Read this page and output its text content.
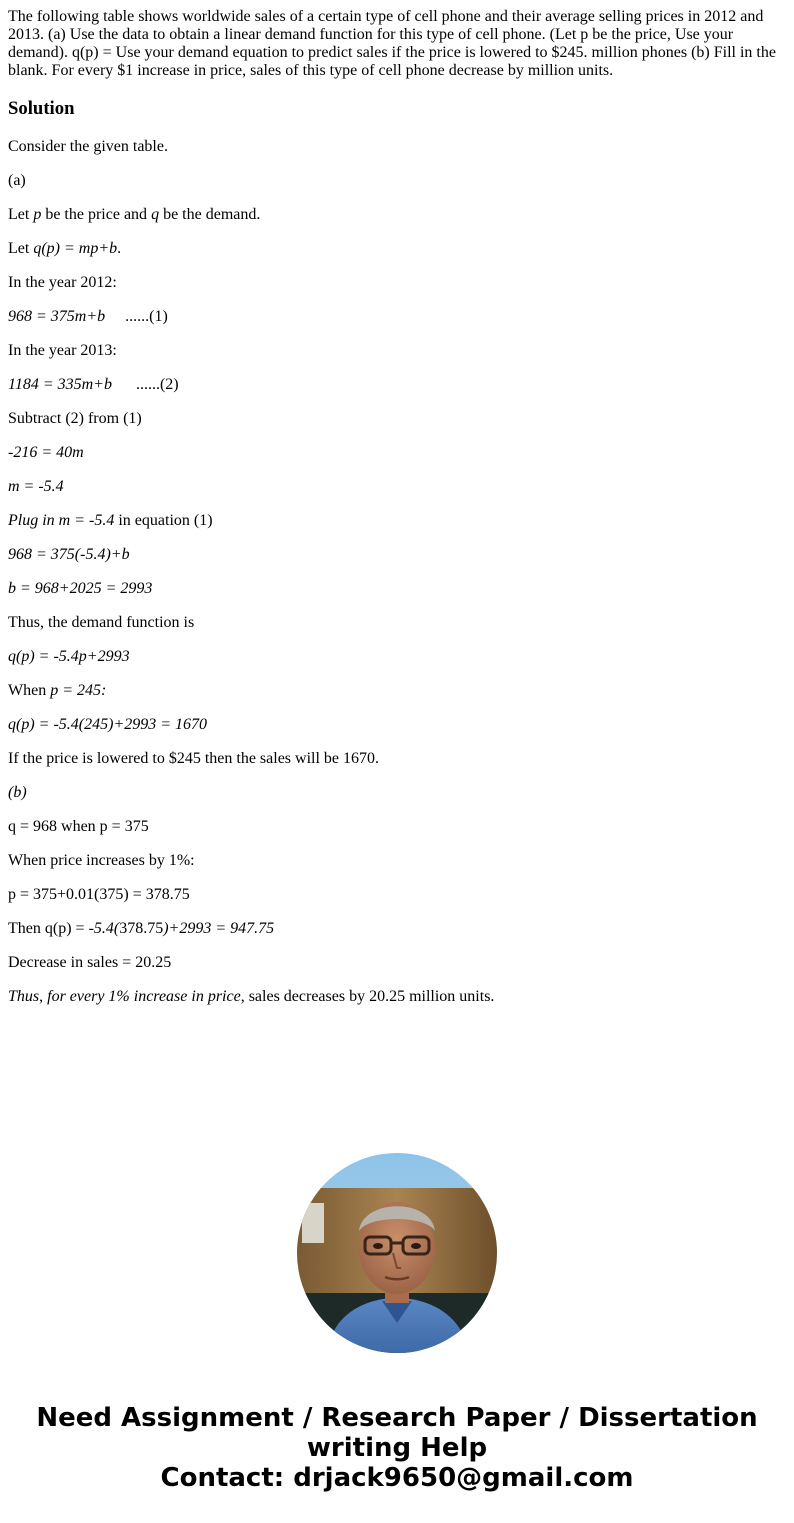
The following table shows worldwide sales of a certain type of cell phone and their average selling prices in 2012 and 2013. (a) Use the data to obtain a linear demand function for this type of cell phone. (Let p be the price, Use your demand). q(p) = Use your demand equation to predict sales if the price is lowered to $245. million phones (b) Fill in the blank. For every $1 increase in price, sales of this type of cell phone decrease by million units.

Solution

Consider the given table.

(a)

Let p be the price and q be the demand.

Let q(p) = mp+b.

In the year 2012:

968 = 375m+b     ......(1)

In the year 2013:

1184 = 335m+b      ......(2)

Subtract (2) from (1)

-216 = 40m

m = -5.4

Plug in m = -5.4 in equation (1)

968 = 375(-5.4)+b

b = 968+2025 = 2993

Thus, the demand function is

q(p) = -5.4p+2993

When p = 245:

q(p) = -5.4(245)+2993 = 1670

If the price is lowered to $245 then the sales will be 1670.

(b)

q = 968 when p = 375

When price increases by 1%:

p = 375+0.01(375) = 378.75

Then q(p) = -5.4(378.75)+2993 = 947.75

Decrease in sales = 20.25

Thus, for every 1% increase in price, sales decreases by 20.25 million units.

Need Assignment / Research Paper / Dissertation
writing Help
Contact: drjack9650@gmail.com
